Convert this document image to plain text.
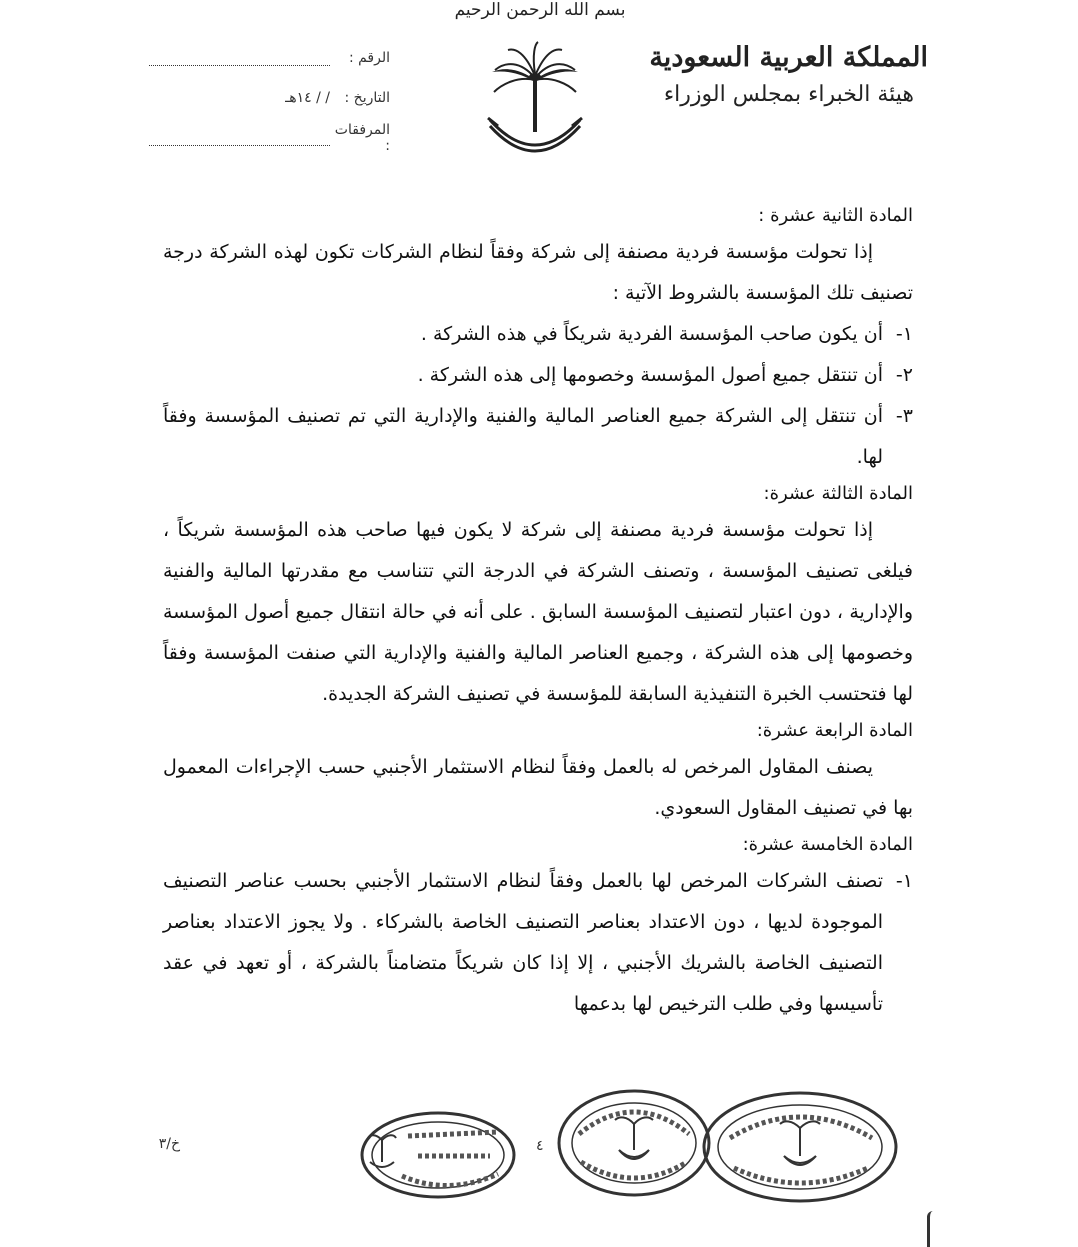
بسم الله الرحمن الرحيم
المملكة العربية السعودية
هيئة الخبراء بمجلس الوزراء
الرقم :
التاريخ :
/ / ١٤هـ
المرفقات :
المادة الثانية عشرة :
إذا تحولت مؤسسة فردية مصنفة إلى شركة وفقاً لنظام الشركات تكون لهذه الشركة درجة تصنيف تلك المؤسسة بالشروط الآتية :
١-
أن يكون صاحب المؤسسة الفردية شريكاً في هذه الشركة .
٢-
أن تنتقل جميع أصول المؤسسة وخصومها إلى هذه الشركة .
٣-
أن تنتقل إلى الشركة جميع العناصر المالية والفنية والإدارية التي تم تصنيف المؤسسة وفقاً لها.
المادة الثالثة عشرة:
إذا تحولت مؤسسة فردية مصنفة إلى شركة لا يكون فيها صاحب هذه المؤسسة شريكاً ، فيلغى تصنيف المؤسسة ، وتصنف الشركة في الدرجة التي تتناسب مع مقدرتها المالية والفنية والإدارية ، دون اعتبار لتصنيف المؤسسة السابق . على أنه في حالة انتقال جميع أصول المؤسسة وخصومها إلى هذه الشركة ، وجميع العناصر المالية والفنية والإدارية التي صنفت المؤسسة وفقاً لها فتحتسب الخبرة التنفيذية السابقة للمؤسسة في تصنيف الشركة الجديدة.
المادة الرابعة عشرة:
يصنف المقاول المرخص له بالعمل وفقاً لنظام الاستثمار الأجنبي حسب الإجراءات المعمول بها في تصنيف المقاول السعودي.
المادة الخامسة عشرة:
١-
تصنف الشركات المرخص لها بالعمل وفقاً لنظام الاستثمار الأجنبي بحسب عناصر التصنيف الموجودة لديها ، دون الاعتداد بعناصر التصنيف الخاصة بالشركاء . ولا يجوز الاعتداد بعناصر التصنيف الخاصة بالشريك الأجنبي ، إلا إذا كان شريكاً متضامناً بالشركة ، أو تعهد في عقد تأسيسها وفي طلب الترخيص لها بدعمها
٤
خ/٣
